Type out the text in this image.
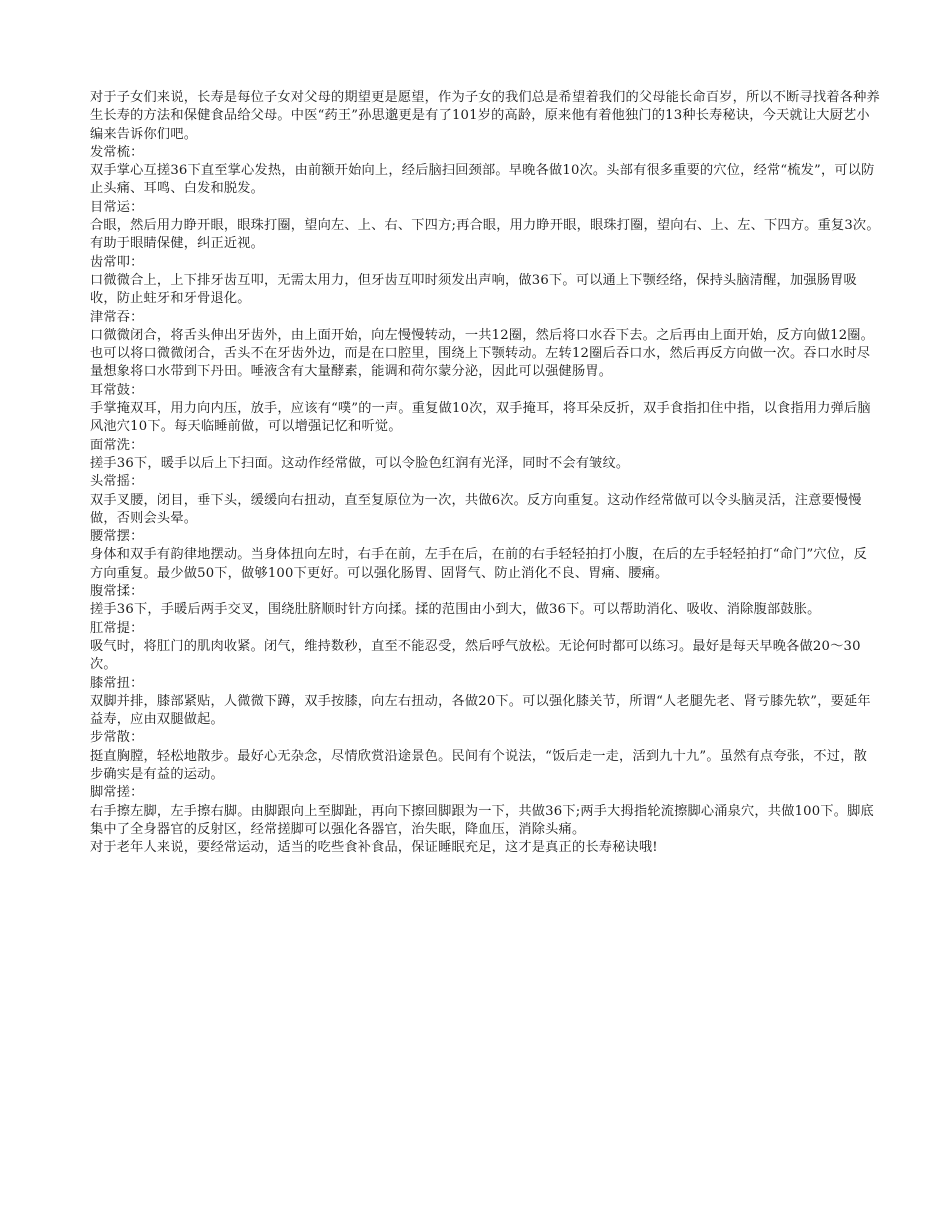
对于子女们来说，长寿是每位子女对父母的期望更是愿望，作为子女的我们总是希望着我们的父母能长命百岁，所以不断寻找着各种养生长寿的方法和保健食品给父母。中医“药王”孙思邈更是有了101岁的高龄，原来他有着他独门的13种长寿秘诀，今天就让大厨艺小编来告诉你们吧。

发常梳：

双手掌心互搓36下直至掌心发热，由前额开始向上，经后脑扫回颈部。早晚各做10次。头部有很多重要的穴位，经常“梳发”，可以防止头痛、耳鸣、白发和脱发。

目常运：

合眼，然后用力睁开眼，眼珠打圈，望向左、上、右、下四方;再合眼，用力睁开眼，眼珠打圈，望向右、上、左、下四方。重复3次。有助于眼睛保健，纠正近视。

齿常叩：

口微微合上，上下排牙齿互叩，无需太用力，但牙齿互叩时须发出声响，做36下。可以通上下颚经络，保持头脑清醒，加强肠胃吸收，防止蛀牙和牙骨退化。

津常吞：

口微微闭合，将舌头伸出牙齿外，由上面开始，向左慢慢转动，一共12圈，然后将口水吞下去。之后再由上面开始，反方向做12圈。也可以将口微微闭合，舌头不在牙齿外边，而是在口腔里，围绕上下颚转动。左转12圈后吞口水，然后再反方向做一次。吞口水时尽量想象将口水带到下丹田。唾液含有大量酵素，能调和荷尔蒙分泌，因此可以强健肠胃。

耳常鼓：

手掌掩双耳，用力向内压，放手，应该有“噗”的一声。重复做10次，双手掩耳，将耳朵反折，双手食指扣住中指，以食指用力弹后脑风池穴10下。每天临睡前做，可以增强记忆和听觉。

面常洗：

搓手36下，暖手以后上下扫面。这动作经常做，可以令脸色红润有光泽，同时不会有皱纹。

头常摇：

双手叉腰，闭目，垂下头，缓缓向右扭动，直至复原位为一次，共做6次。反方向重复。这动作经常做可以令头脑灵活，注意要慢慢做，否则会头晕。

腰常摆：

身体和双手有韵律地摆动。当身体扭向左时，右手在前，左手在后，在前的右手轻轻拍打小腹，在后的左手轻轻拍打“命门”穴位，反方向重复。最少做50下，做够100下更好。可以强化肠胃、固肾气、防止消化不良、胃痛、腰痛。

腹常揉：

搓手36下，手暖后两手交叉，围绕肚脐顺时针方向揉。揉的范围由小到大，做36下。可以帮助消化、吸收、消除腹部鼓胀。

肛常提：

吸气时，将肛门的肌肉收紧。闭气，维持数秒，直至不能忍受，然后呼气放松。无论何时都可以练习。最好是每天早晚各做20～30次。

膝常扭：

双脚并排，膝部紧贴，人微微下蹲，双手按膝，向左右扭动，各做20下。可以强化膝关节，所谓“人老腿先老、肾亏膝先软”，要延年益寿，应由双腿做起。

步常散：

挺直胸膛，轻松地散步。最好心无杂念，尽情欣赏沿途景色。民间有个说法，“饭后走一走，活到九十九”。虽然有点夸张，不过，散步确实是有益的运动。

脚常搓：

右手擦左脚，左手擦右脚。由脚跟向上至脚趾，再向下擦回脚跟为一下，共做36下;两手大拇指轮流擦脚心涌泉穴，共做100下。脚底集中了全身器官的反射区，经常搓脚可以强化各器官，治失眠，降血压，消除头痛。

对于老年人来说，要经常运动，适当的吃些食补食品，保证睡眠充足，这才是真正的长寿秘诀哦!
